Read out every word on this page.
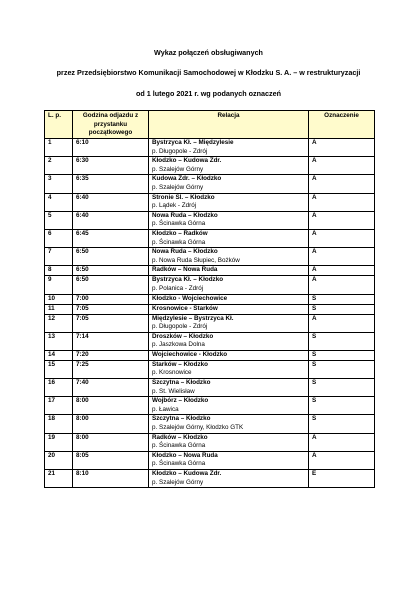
Wykaz połączeń obsługiwanych
przez Przedsiębiorstwo Komunikacji Samochodowej w Kłodzku S. A. – w restrukturyzacji
od 1 lutego 2021 r. wg podanych oznaczeń
L. p.	Godzina odjazdu z przystanku początkowego	Relacja	Oznaczenie
1	6:10	Bystrzyca Kł. – Międzylesie
p. Długopole - Zdrój	A
2	6:30	Kłodzko – Kudowa Zdr.
p. Szalejów Górny	A
3	6:35	Kudowa Zdr. – Kłodzko
p. Szalejów Górny	A
4	6:40	Stronie Śl. – Kłodzko
p. Lądek - Zdrój	A
5	6:40	Nowa Ruda – Kłodzko
p. Ścinawka Górna	A
6	6:45	Kłodzko – Radków
p. Ścinawka Górna	A
7	6:50	Nowa Ruda – Kłodzko
p. Nowa Ruda Słupiec, Bożków	A
8	6:50	Radków – Nowa Ruda	A
9	6:50	Bystrzyca Kł. – Kłodzko
p. Polanica - Zdrój	A
10	7:00	Kłodzko - Wojciechowice	S
11	7:05	Krosnowice - Starków	S
12	7:05	Międzylesie – Bystrzyca Kł.
p. Długopole - Zdrój	A
13	7:14	Droszków – Kłodzko
p. Jaszkowa Dolna	S
14	7:20	Wojciechowice - Kłodzko	S
15	7:25	Starków – Kłodzko
p. Krosnowice	S
16	7:40	Szczytna – Kłodzko
p. St. Wielisław	S
17	8:00	Wojbórz – Kłodzko
p. Ławica	S
18	8:00	Szczytna – Kłodzko
p. Szalejów Górny, Kłodzko GTK	S
19	8:00	Radków – Kłodzko
p. Ścinawka Górna	A
20	8:05	Kłodzko – Nowa Ruda
p. Ścinawka Górna	A
21	8:10	Kłodzko – Kudowa Zdr.
p. Szalejów Górny	E
